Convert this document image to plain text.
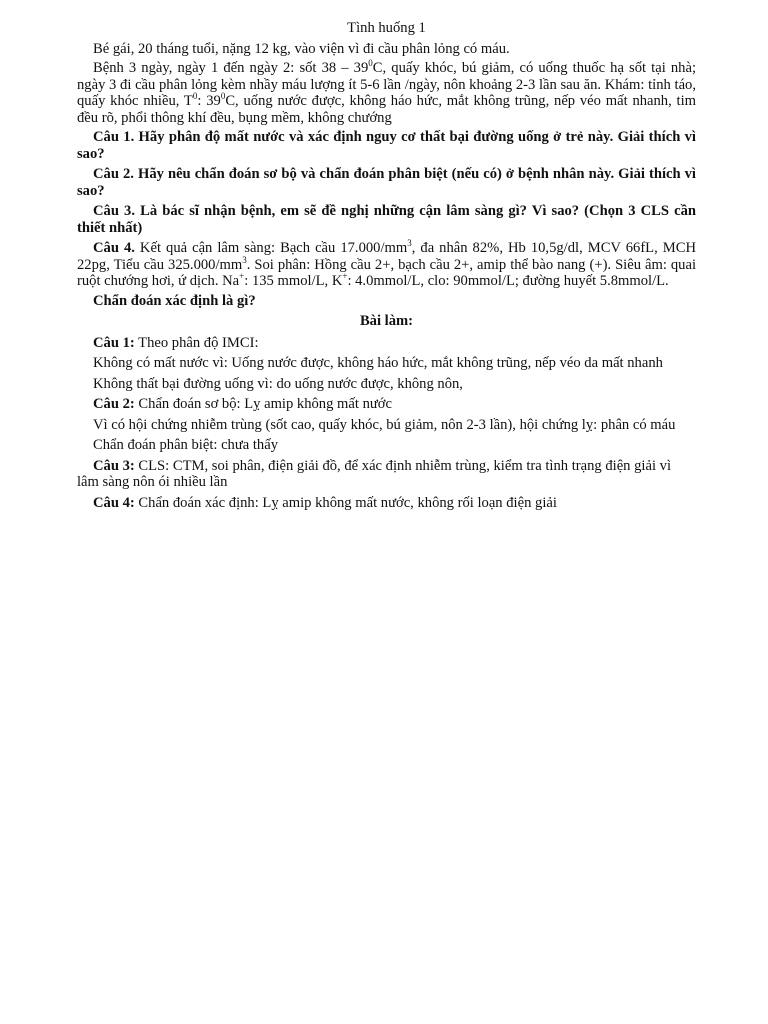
Tình huống 1

Bé gái, 20 tháng tuổi, nặng 12 kg, vào viện vì đi cầu phân lỏng có máu.

Bệnh 3 ngày, ngày 1 đến ngày 2: sốt $38 - 39^0C$, quấy khóc, bú giảm, có uống thuốc hạ sốt tại nhà; ngày 3 đi cầu phân lỏng kèm nhầy máu lượng ít 5-6 lần /ngày, nôn khoảng 2-3 lần sau ăn. Khám: tỉnh táo, quấy khóc nhiều, $T^0$: $39^0C$, uống nước được, không háo hức, mắt không trũng, nếp véo mất nhanh, tim đều rõ, phổi thông khí đều, bụng mềm, không chướng

Câu 1. Hãy phân độ mất nước và xác định nguy cơ thất bại đường uống ở trẻ này. Giải thích vì sao?

Câu 2. Hãy nêu chẩn đoán sơ bộ và chẩn đoán phân biệt (nếu có) ở bệnh nhân này. Giải thích vì sao?

Câu 3. Là bác sĩ nhận bệnh, em sẽ đề nghị những cận lâm sàng gì? Vì sao? (Chọn 3 CLS cần thiết nhất)

Câu 4. Kết quả cận lâm sàng: Bạch cầu $17.000/mm^3$, đa nhân 82%, Hb 10,5g/dl, MCV 66fL, MCH 22pg, Tiểu cầu $325.000/mm^3$. Soi phân: Hồng cầu 2+, bạch cầu 2+, amip thể bào nang (+). Siêu âm: quai ruột chướng hơi, ứ dịch. Na+: 135 mmol/L, K+: 4.0mmol/L, clo: 90mmol/L; đường huyết 5.8mmol/L.

Chẩn đoán xác định là gì?

Bài làm:

Câu 1: Theo phân độ IMCI:

Không có mất nước vì: Uống nước được, không háo hức, mắt không trũng, nếp véo da mất nhanh

Không thất bại đường uống vì: do uống nước được, không nôn,

Câu 2: Chẩn đoán sơ bộ: Lỵ amip không mất nước

Vì có hội chứng nhiễm trùng (sốt cao, quấy khóc, bú giảm, nôn 2-3 lần), hội chứng lỵ: phân có máu

Chẩn đoán phân biệt: chưa thấy

Câu 3: CLS: CTM, soi phân, điện giải đồ, để xác định nhiễm trùng, kiểm tra tình trạng điện giải vì lâm sàng nôn ói nhiều lần

Câu 4: Chẩn đoán xác định: Lỵ amip không mất nước, không rối loạn điện giải
